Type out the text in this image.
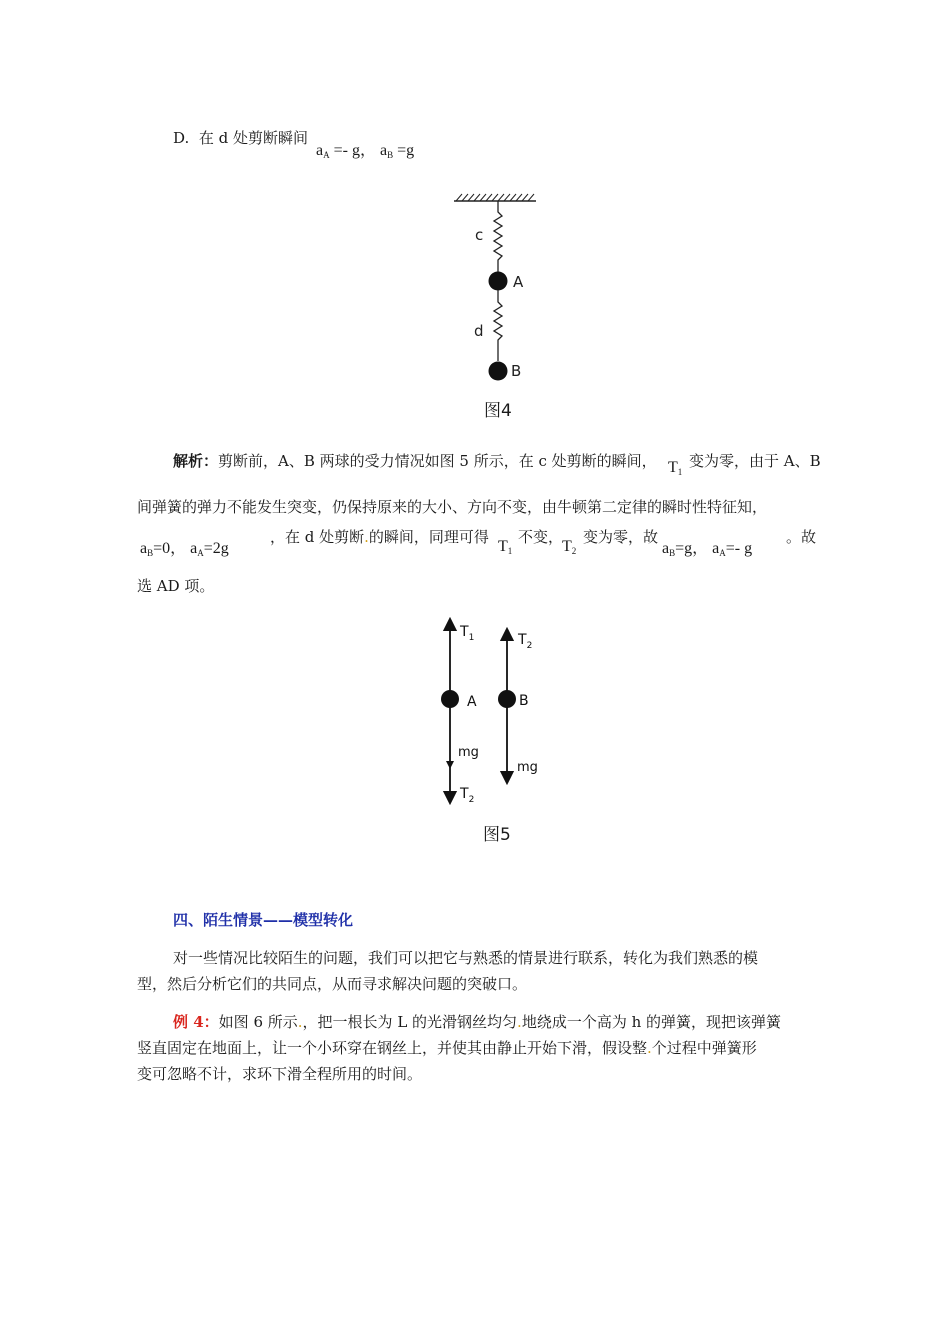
D. 在 d 处剪断瞬间
$a_A =- g$， $a_B =g$
c
A
d
B
图4
解析：剪断前，A、B 两球的受力情况如图 5 所示，在 c 处剪断的瞬间， $T_1$
变为零，由于 A、B
间弹簧的弹力不能发生突变，仍保持原来的大小、方向不变，由牛顿第二定律的瞬时性特征知，
$a_B=0$， $a_A=2g$
，在 d 处剪断.的瞬间，同理可得
$T_1$
不变，
$T_2$
变为零，故
$a_B=g$， $a_A=-$ g
。故
选 AD 项。
$T_1$	$T_2$
A	B
mg
mg
$T_2$
图5
四、陌生情景——模型转化
对一些情况比较陌生的问题，我们可以把它与熟悉的情景进行联系，转化为我们熟悉的模
型，然后分析它们的共同点，从而寻求解决问题的突破口。
例 4：如图 6 所示.，把一根长为 L 的光滑钢丝均匀.地绕成一个高为 h 的弹簧，现把该弹簧
竖直固定在地面上，让一个小环穿在钢丝上，并使其由静止开始下滑，假设整.个过程中弹簧形
变可忽略不计，求环下滑全程所用的时间。
